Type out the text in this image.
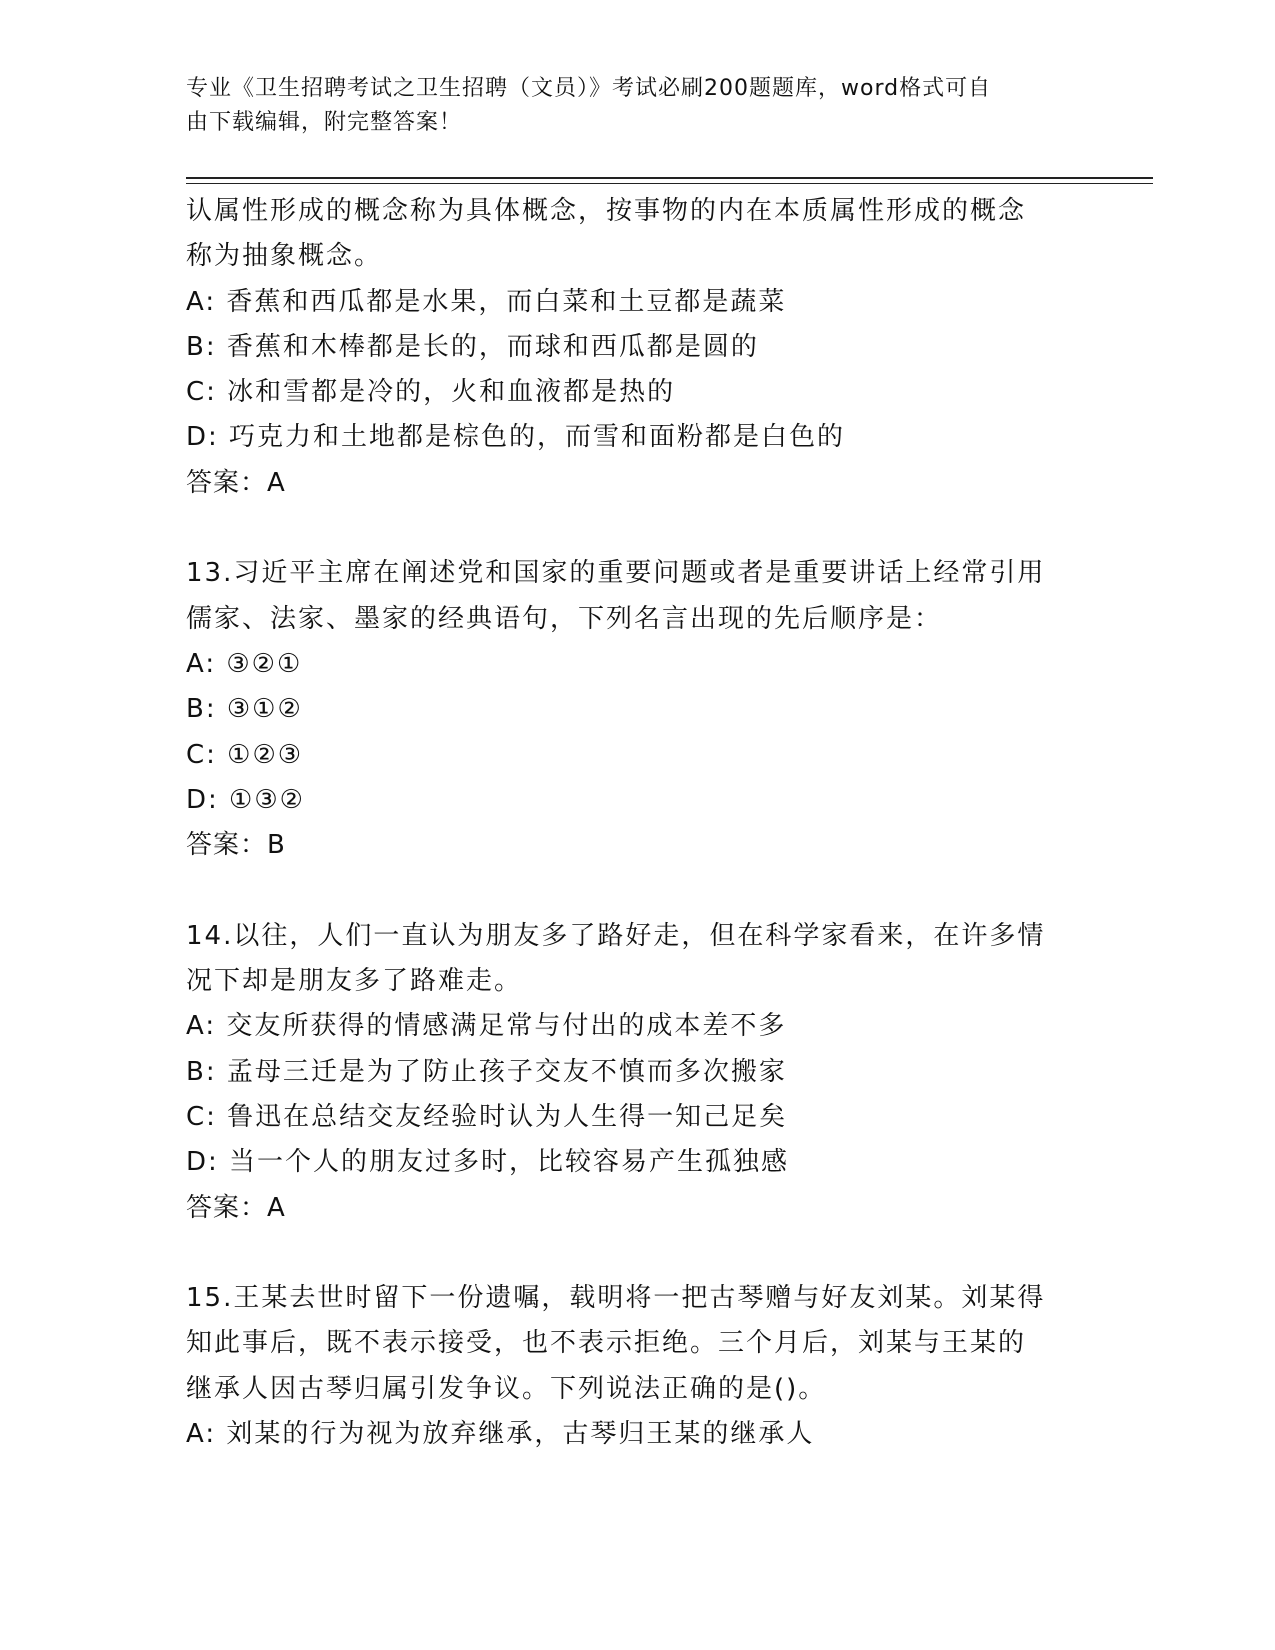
专业《卫生招聘考试之卫生招聘（文员）》考试必刷200题题库，word格式可自
由下载编辑，附完整答案！
认属性形成的概念称为具体概念，按事物的内在本质属性形成的概念
称为抽象概念。
A: 香蕉和西瓜都是水果，而白菜和土豆都是蔬菜
B: 香蕉和木棒都是长的，而球和西瓜都是圆的
C: 冰和雪都是冷的，火和血液都是热的
D: 巧克力和土地都是棕色的，而雪和面粉都是白色的
答案：A
13.习近平主席在阐述党和国家的重要问题或者是重要讲话上经常引用
儒家、法家、墨家的经典语句，下列名言出现的先后顺序是：
A: ③②①
B: ③①②
C: ①②③
D: ①③②
答案：B
14.以往，人们一直认为朋友多了路好走，但在科学家看来，在许多情
况下却是朋友多了路难走。
A: 交友所获得的情感满足常与付出的成本差不多
B: 孟母三迁是为了防止孩子交友不慎而多次搬家
C: 鲁迅在总结交友经验时认为人生得一知己足矣
D: 当一个人的朋友过多时，比较容易产生孤独感
答案：A
15.王某去世时留下一份遗嘱，载明将一把古琴赠与好友刘某。刘某得
知此事后，既不表示接受，也不表示拒绝。三个月后，刘某与王某的
继承人因古琴归属引发争议。下列说法正确的是()。
A: 刘某的行为视为放弃继承，古琴归王某的继承人
